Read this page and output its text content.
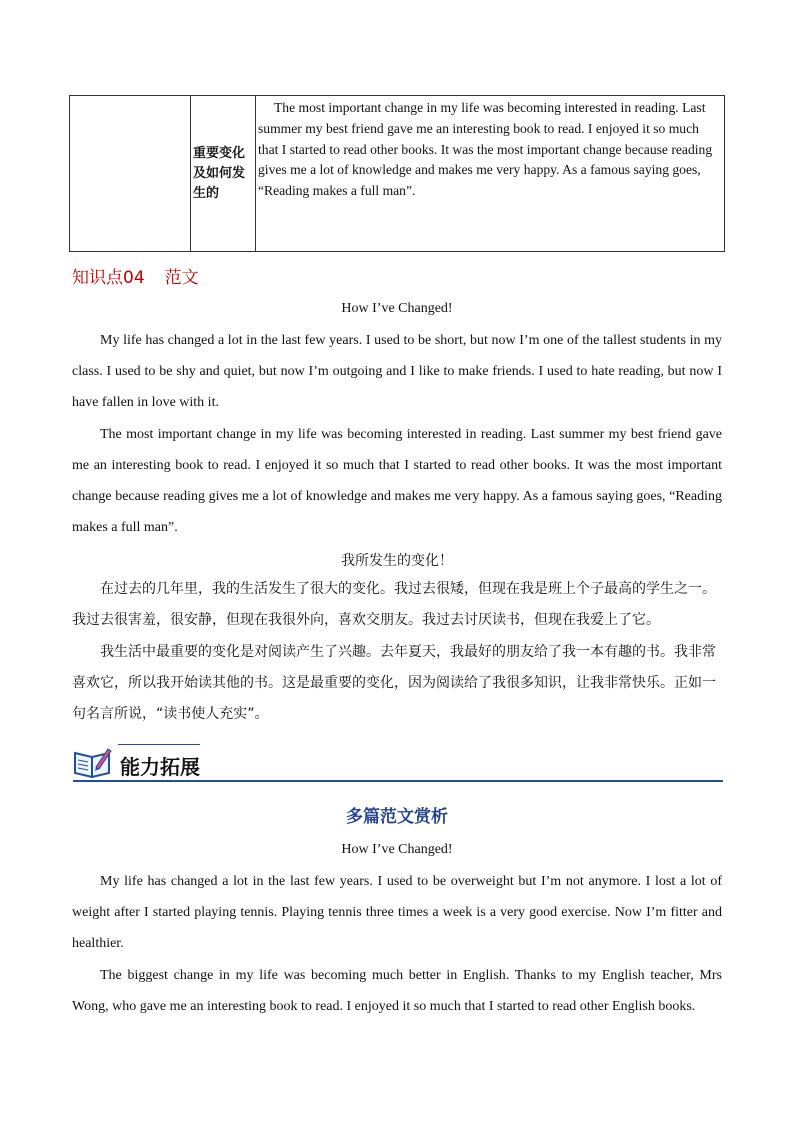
	重要变化及如何发生的	The most important change in my life was becoming interested in reading. Last summer my best friend gave me an interesting book to read. I enjoyed it so much that I started to read other books. It was the most important change because reading gives me a lot of knowledge and makes me very happy. As a famous saying goes, “Reading makes a full man”.
知识点04 范文
How I’ve Changed!
My life has changed a lot in the last few years. I used to be short, but now I’m one of the tallest students in my class. I used to be shy and quiet, but now I’m outgoing and I like to make friends. I used to hate reading, but now I have fallen in love with it.
The most important change in my life was becoming interested in reading. Last summer my best friend gave me an interesting book to read. I enjoyed it so much that I started to read other books. It was the most important change because reading gives me a lot of knowledge and makes me very happy. As a famous saying goes, “Reading makes a full man”.
我所发生的变化！
在过去的几年里，我的生活发生了很大的变化。我过去很矮，但现在我是班上个子最高的学生之一。我过去很害羞，很安静，但现在我很外向，喜欢交朋友。我过去讨厌读书，但现在我爱上了它。
我生活中最重要的变化是对阅读产生了兴趣。去年夏天，我最好的朋友给了我一本有趣的书。我非常喜欢它，所以我开始读其他的书。这是最重要的变化，因为阅读给了我很多知识，让我非常快乐。正如一句名言所说，“读书使人充实”。
能力拓展
多篇范文赏析
How I’ve Changed!
My life has changed a lot in the last few years. I used to be overweight but I’m not anymore. I lost a lot of weight after I started playing tennis. Playing tennis three times a week is a very good exercise. Now I’m fitter and healthier.
The biggest change in my life was becoming much better in English. Thanks to my English teacher, Mrs Wong, who gave me an interesting book to read. I enjoyed it so much that I started to read other English books.
